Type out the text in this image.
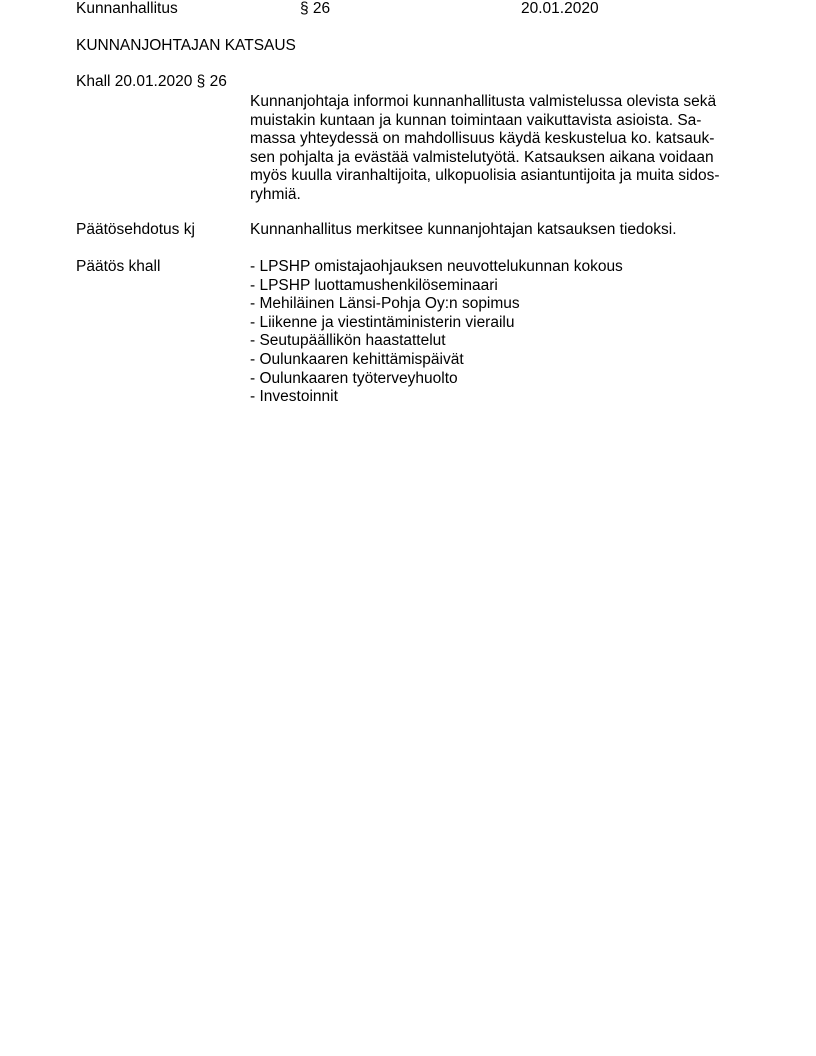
Kunnanhallitus	§ 26	20.01.2020
KUNNANJOHTAJAN KATSAUS
Khall 20.01.2020 § 26
Kunnanjohtaja informoi kunnanhallitusta valmistelussa olevista sekä
muistakin kuntaan ja kunnan toimintaan vaikuttavista asioista. Sa-
massa yhteydessä on mahdollisuus käydä keskustelua ko. katsauk-
sen pohjalta ja evästää valmistelutyötä. Katsauksen aikana voidaan
myös kuulla viranhaltijoita, ulkopuolisia asiantuntijoita ja muita sidos-
ryhmiä.
Päätösehdotus kj	Kunnanhallitus merkitsee kunnanjohtajan katsauksen tiedoksi.
Päätös khall	- LPSHP omistajaohjauksen neuvottelukunnan kokous
- LPSHP luottamushenkilöseminaari
- Mehiläinen Länsi-Pohja Oy:n sopimus
- Liikenne ja viestintäministerin vierailu
- Seutupäällikön haastattelut
- Oulunkaaren kehittämispäivät
- Oulunkaaren työterveyhuolto
- Investoinnit
